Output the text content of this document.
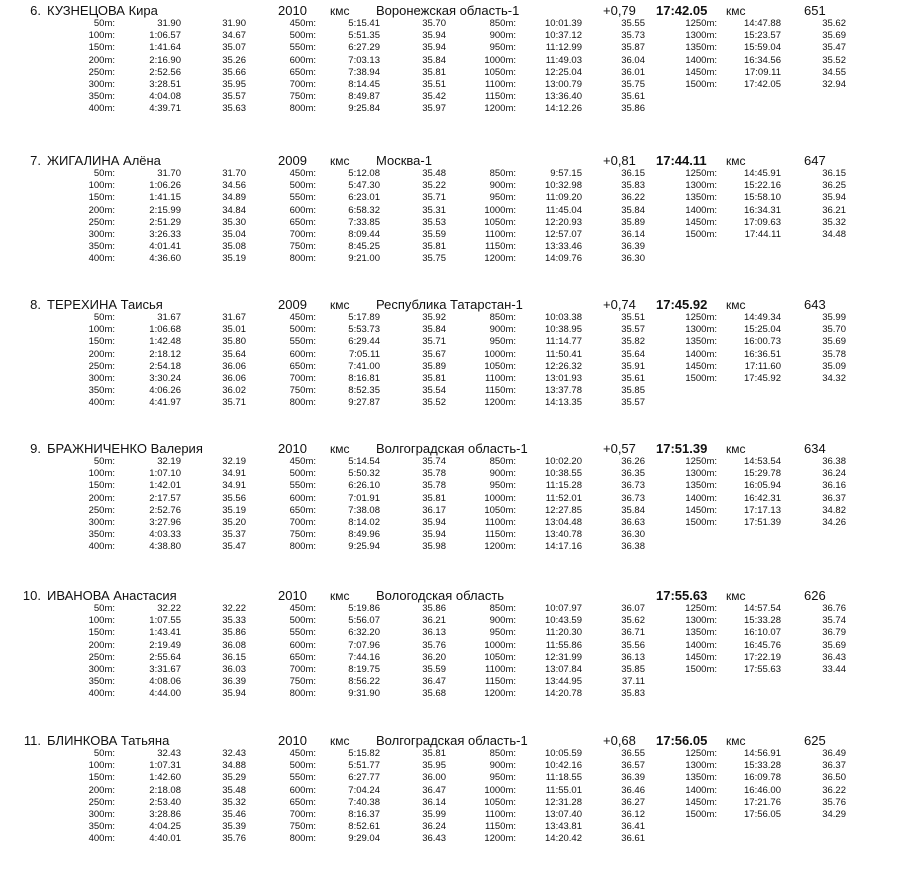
6. КУЗНЕЦОВА Кира	2010 кмс Воронежская область-1	+0,79 17:42.05 кмс	651
50m:	31.90	31.90
100m:	1:06.57	34.67
150m:	1:41.64	35.07
200m:	2:16.90	35.26
250m:	2:52.56	35.66
300m:	3:28.51	35.95
350m:	4:04.08	35.57
400m:	4:39.71	35.63
450m:	5:15.41	35.70
500m:	5:51.35	35.94
550m:	6:27.29	35.94
600m:	7:03.13	35.84
650m:	7:38.94	35.81
700m:	8:14.45	35.51
750m:	8:49.87	35.42
800m:	9:25.84	35.97
850m:	10:01.39	35.55
900m:	10:37.12	35.73
950m:	11:12.99	35.87
1000m:	11:49.03	36.04
1050m:	12:25.04	36.01
1100m:	13:00.79	35.75
1150m:	13:36.40	35.61
1200m:	14:12.26	35.86
1250m:	14:47.88	35.62
1300m:	15:23.57	35.69
1350m:	15:59.04	35.47
1400m:	16:34.56	35.52
1450m:	17:09.11	34.55
1500m:	17:42.05	32.94
7. ЖИГАЛИНА Алёна	2009 кмс Москва-1	+0,81 17:44.11 кмс	647
50m:	31.70	31.70
100m:	1:06.26	34.56
150m:	1:41.15	34.89
200m:	2:15.99	34.84
250m:	2:51.29	35.30
300m:	3:26.33	35.04
350m:	4:01.41	35.08
400m:	4:36.60	35.19
450m:	5:12.08	35.48
500m:	5:47.30	35.22
550m:	6:23.01	35.71
600m:	6:58.32	35.31
650m:	7:33.85	35.53
700m:	8:09.44	35.59
750m:	8:45.25	35.81
800m:	9:21.00	35.75
850m:	9:57.15	36.15
900m:	10:32.98	35.83
950m:	11:09.20	36.22
1000m:	11:45.04	35.84
1050m:	12:20.93	35.89
1100m:	12:57.07	36.14
1150m:	13:33.46	36.39
1200m:	14:09.76	36.30
1250m:	14:45.91	36.15
1300m:	15:22.16	36.25
1350m:	15:58.10	35.94
1400m:	16:34.31	36.21
1450m:	17:09.63	35.32
1500m:	17:44.11	34.48
8. ТЕРЕХИНА Таисья	2009 кмс Республика Татарстан-1	+0,74 17:45.92 кмс	643
50m:	31.67	31.67
100m:	1:06.68	35.01
150m:	1:42.48	35.80
200m:	2:18.12	35.64
250m:	2:54.18	36.06
300m:	3:30.24	36.06
350m:	4:06.26	36.02
400m:	4:41.97	35.71
450m:	5:17.89	35.92
500m:	5:53.73	35.84
550m:	6:29.44	35.71
600m:	7:05.11	35.67
650m:	7:41.00	35.89
700m:	8:16.81	35.81
750m:	8:52.35	35.54
800m:	9:27.87	35.52
850m:	10:03.38	35.51
900m:	10:38.95	35.57
950m:	11:14.77	35.82
1000m:	11:50.41	35.64
1050m:	12:26.32	35.91
1100m:	13:01.93	35.61
1150m:	13:37.78	35.85
1200m:	14:13.35	35.57
1250m:	14:49.34	35.99
1300m:	15:25.04	35.70
1350m:	16:00.73	35.69
1400m:	16:36.51	35.78
1450m:	17:11.60	35.09
1500m:	17:45.92	34.32
9. БРАЖНИЧЕНКО Валерия	2010 кмс Волгоградская область-1	+0,57 17:51.39 кмс	634
50m:	32.19	32.19
100m:	1:07.10	34.91
150m:	1:42.01	34.91
200m:	2:17.57	35.56
250m:	2:52.76	35.19
300m:	3:27.96	35.20
350m:	4:03.33	35.37
400m:	4:38.80	35.47
450m:	5:14.54	35.74
500m:	5:50.32	35.78
550m:	6:26.10	35.78
600m:	7:01.91	35.81
650m:	7:38.08	36.17
700m:	8:14.02	35.94
750m:	8:49.96	35.94
800m:	9:25.94	35.98
850m:	10:02.20	36.26
900m:	10:38.55	36.35
950m:	11:15.28	36.73
1000m:	11:52.01	36.73
1050m:	12:27.85	35.84
1100m:	13:04.48	36.63
1150m:	13:40.78	36.30
1200m:	14:17.16	36.38
1250m:	14:53.54	36.38
1300m:	15:29.78	36.24
1350m:	16:05.94	36.16
1400m:	16:42.31	36.37
1450m:	17:17.13	34.82
1500m:	17:51.39	34.26
10. ИВАНОВА Анастасия	2010 кмс Вологодская область	17:55.63 кмс	626
50m:	32.22	32.22
100m:	1:07.55	35.33
150m:	1:43.41	35.86
200m:	2:19.49	36.08
250m:	2:55.64	36.15
300m:	3:31.67	36.03
350m:	4:08.06	36.39
400m:	4:44.00	35.94
450m:	5:19.86	35.86
500m:	5:56.07	36.21
550m:	6:32.20	36.13
600m:	7:07.96	35.76
650m:	7:44.16	36.20
700m:	8:19.75	35.59
750m:	8:56.22	36.47
800m:	9:31.90	35.68
850m:	10:07.97	36.07
900m:	10:43.59	35.62
950m:	11:20.30	36.71
1000m:	11:55.86	35.56
1050m:	12:31.99	36.13
1100m:	13:07.84	35.85
1150m:	13:44.95	37.11
1200m:	14:20.78	35.83
1250m:	14:57.54	36.76
1300m:	15:33.28	35.74
1350m:	16:10.07	36.79
1400m:	16:45.76	35.69
1450m:	17:22.19	36.43
1500m:	17:55.63	33.44
11. БЛИНКОВА Татьяна	2010 кмс Волгоградская область-1	+0,68 17:56.05 кмс	625
50m:	32.43	32.43
100m:	1:07.31	34.88
150m:	1:42.60	35.29
200m:	2:18.08	35.48
250m:	2:53.40	35.32
300m:	3:28.86	35.46
350m:	4:04.25	35.39
400m:	4:40.01	35.76
450m:	5:15.82	35.81
500m:	5:51.77	35.95
550m:	6:27.77	36.00
600m:	7:04.24	36.47
650m:	7:40.38	36.14
700m:	8:16.37	35.99
750m:	8:52.61	36.24
800m:	9:29.04	36.43
850m:	10:05.59	36.55
900m:	10:42.16	36.57
950m:	11:18.55	36.39
1000m:	11:55.01	36.46
1050m:	12:31.28	36.27
1100m:	13:07.40	36.12
1150m:	13:43.81	36.41
1200m:	14:20.42	36.61
1250m:	14:56.91	36.49
1300m:	15:33.28	36.37
1350m:	16:09.78	36.50
1400m:	16:46.00	36.22
1450m:	17:21.76	35.76
1500m:	17:56.05	34.29
